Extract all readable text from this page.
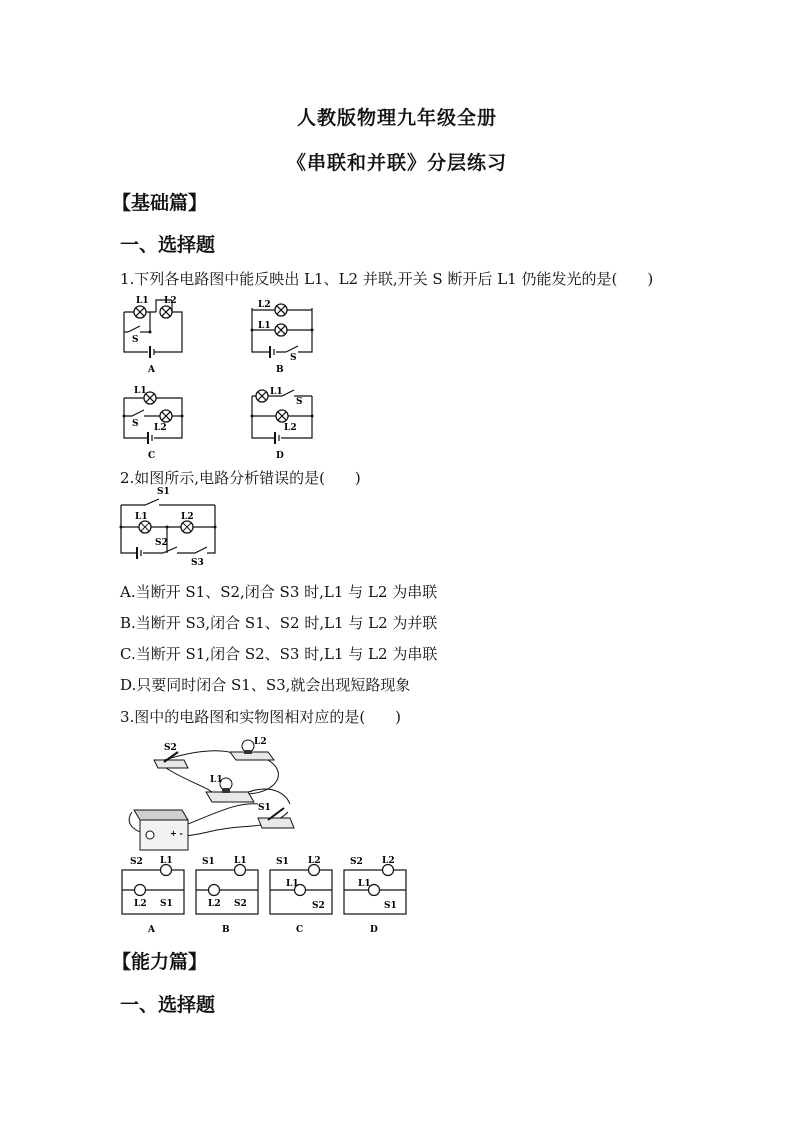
人教版物理九年级全册
《串联和并联》分层练习
【基础篇】
一、选择题
1.下列各电路图中能反映出 L1、L2 并联,开关 S 断开后 L1 仍能发光的是(　　)
L1 L2
S
A
L2
L1
S
B
L1
S L2
C
L1
S
L2
D
2.如图所示,电路分析错误的是(　　)
S1
L1	L2
S2
S3
A.当断开 S1、S2,闭合 S3 时,L1 与 L2 为串联
B.当断开 S3,闭合 S1、S2 时,L1 与 L2 为并联
C.当断开 S1,闭合 S2、S3 时,L1 与 L2 为串联
D.只要同时闭合 S1、S3,就会出现短路现象
3.图中的电路图和实物图相对应的是(　　)
+ -
S2
L2
L1
S1
S2 L1
L2 S1
A
S1 L1
L2 S2
B
S1 L2
L1
S2
C
S2 L2
L1
S1
D
【能力篇】
一、选择题
